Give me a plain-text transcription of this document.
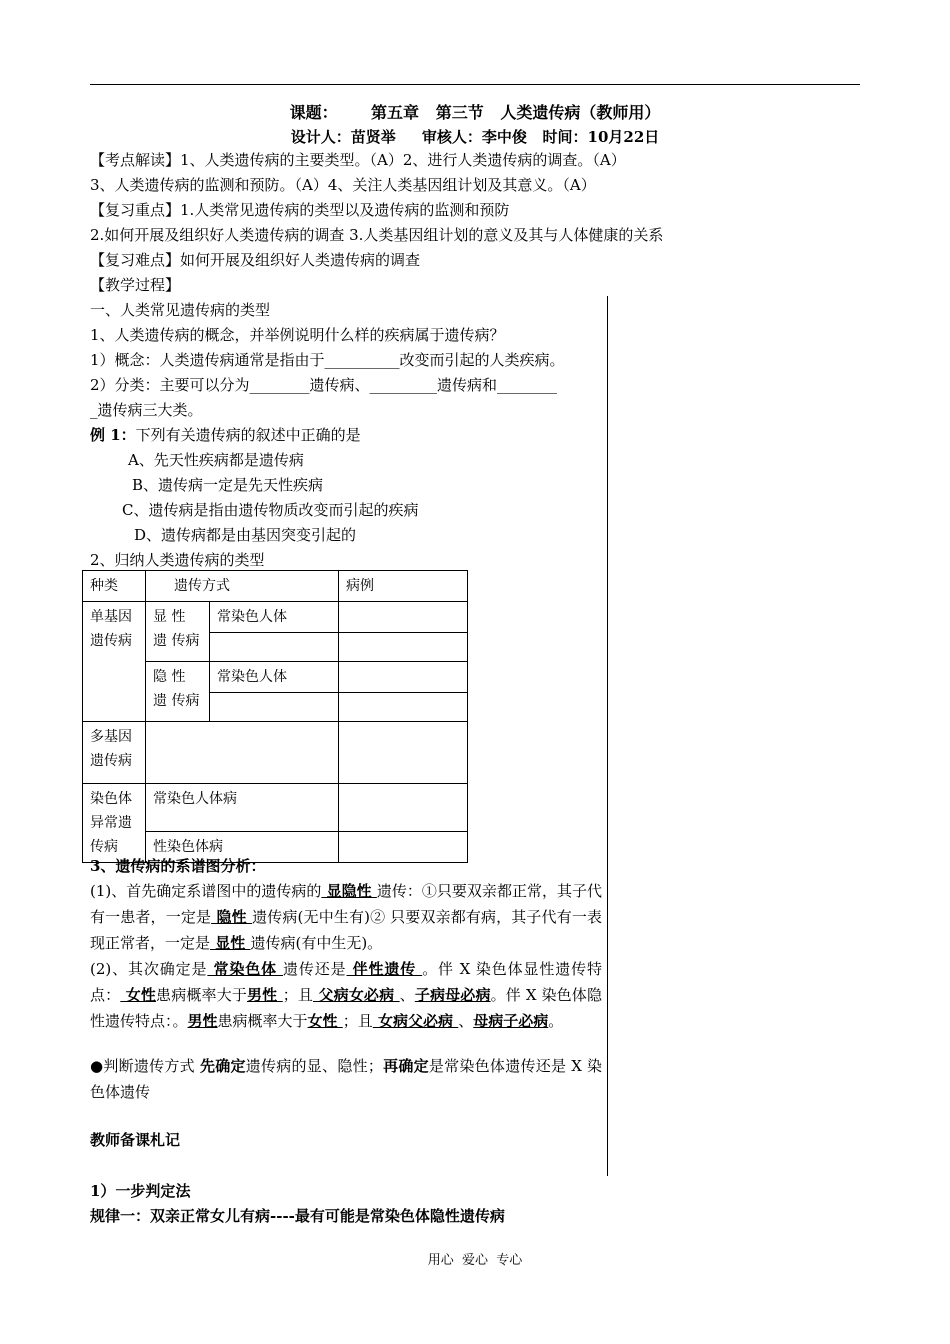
课题：      第五章   第三节   人类遗传病（教师用）
设计人：苗贤举     审核人：李中俊   时间：10月22日
【考点解读】1、人类遗传病的主要类型。（A）2、进行人类遗传病的调查。（A）
3、人类遗传病的监测和预防。（A）4、关注人类基因组计划及其意义。（A）
【复习重点】1.人类常见遗传病的类型以及遗传病的监测和预防
2.如何开展及组织好人类遗传病的调查 3.人类基因组计划的意义及其与人体健康的关系
【复习难点】如何开展及组织好人类遗传病的调查
【教学过程】
一、人类常见遗传病的类型
1、人类遗传病的概念，并举例说明什么样的疾病属于遗传病？
1）概念：人类遗传病通常是指由于__________改变而引起的人类疾病。
2）分类：主要可以分为________遗传病、_________遗传病和________
_遗传病三大类。
例 1：下列有关遗传病的叙述中正确的是
A、先天性疾病都是遗传病
B、遗传病一定是先天性疾病
C、遗传病是指由遗传物质改变而引起的疾病
D、遗传病都是由基因突变引起的
2、归纳人类遗传病的类型
种类	遗传方式		病例
单基因遗传病	显 性 遗 传病	常染色人体	

	隐 性 遗 传病	常染色人体	

多基因遗传病			
染色体异常遗传病	常染色人体病		
	性染色体病		
3、遗传病的系谱图分析：
(1)、首先确定系谱图中的遗传病的 显隐性 遗传：①只要双亲都正常，其子代有一患者，一定是 隐性 遗传病(无中生有)② 只要双亲都有病，其子代有一表现正常者，一定是 显性 遗传病(有中生无)。
(2)、其次确定是 常染色体 遗传还是 伴性遗传 。伴 X 染色体显性遗传特点： 女性患病概率大于男性 ；且 父病女必病 、子病母必病。伴 X 染色体隐性遗传特点：。男性患病概率大于女性 ；且 女病父必病 、母病子必病。
●判断遗传方式 先确定遗传病的显、隐性；再确定是常染色体遗传还是 X 染色体遗传
教师备课札记
1）一步判定法
规律一：双亲正常女儿有病----最有可能是常染色体隐性遗传病
用心  爱心  专心
